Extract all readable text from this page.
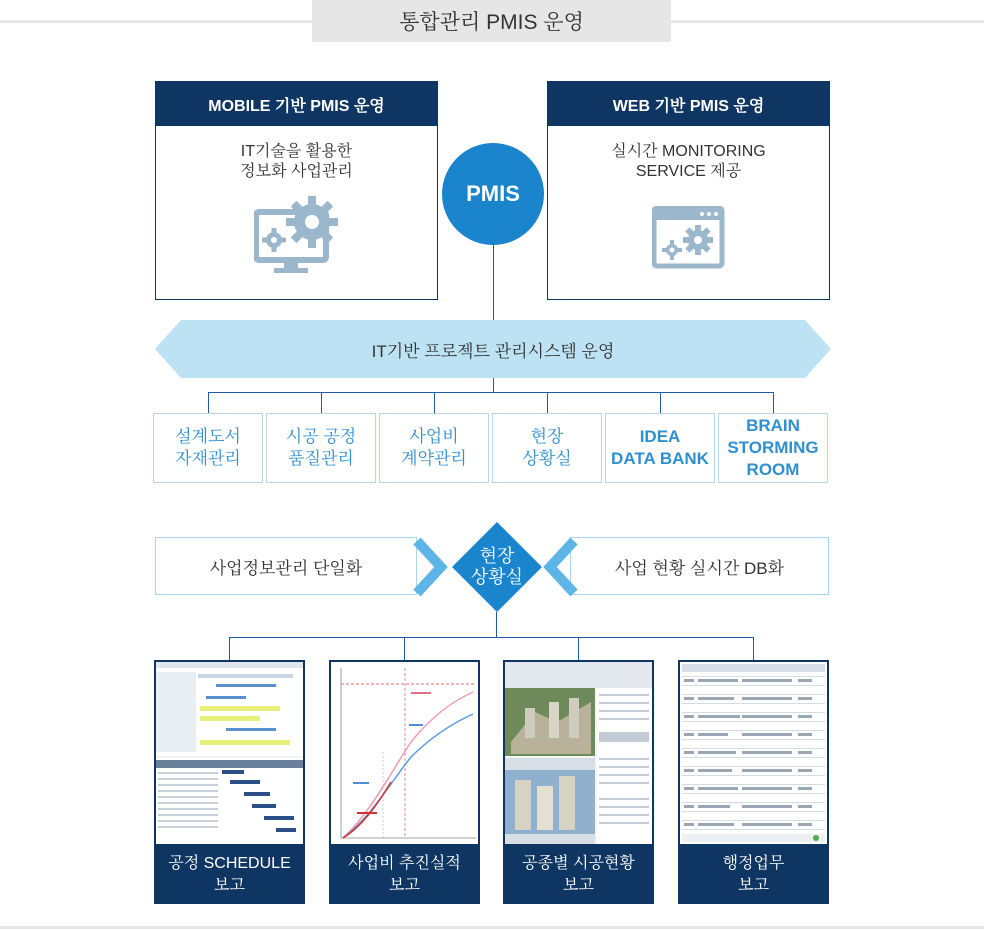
통합관리 PMIS 운영
MOBILE 기반 PMIS 운영
IT기술을 활용한
정보화 사업관리
WEB 기반 PMIS 운영
실시간 MONITORING
SERVICE 제공
PMIS
IT기반 프로젝트 관리시스템 운영
설계도서
자재관리
시공 공정
품질관리
사업비
계약관리
현장
상황실
IDEA
DATA BANK
BRAIN
STORMING
ROOM
사업정보관리 단일화	사업 현황 실시간 DB화
현장
상황실
공정 SCHEDULE
보고
사업비 추진실적
보고
공종별 시공현황
보고
행정업무
보고
